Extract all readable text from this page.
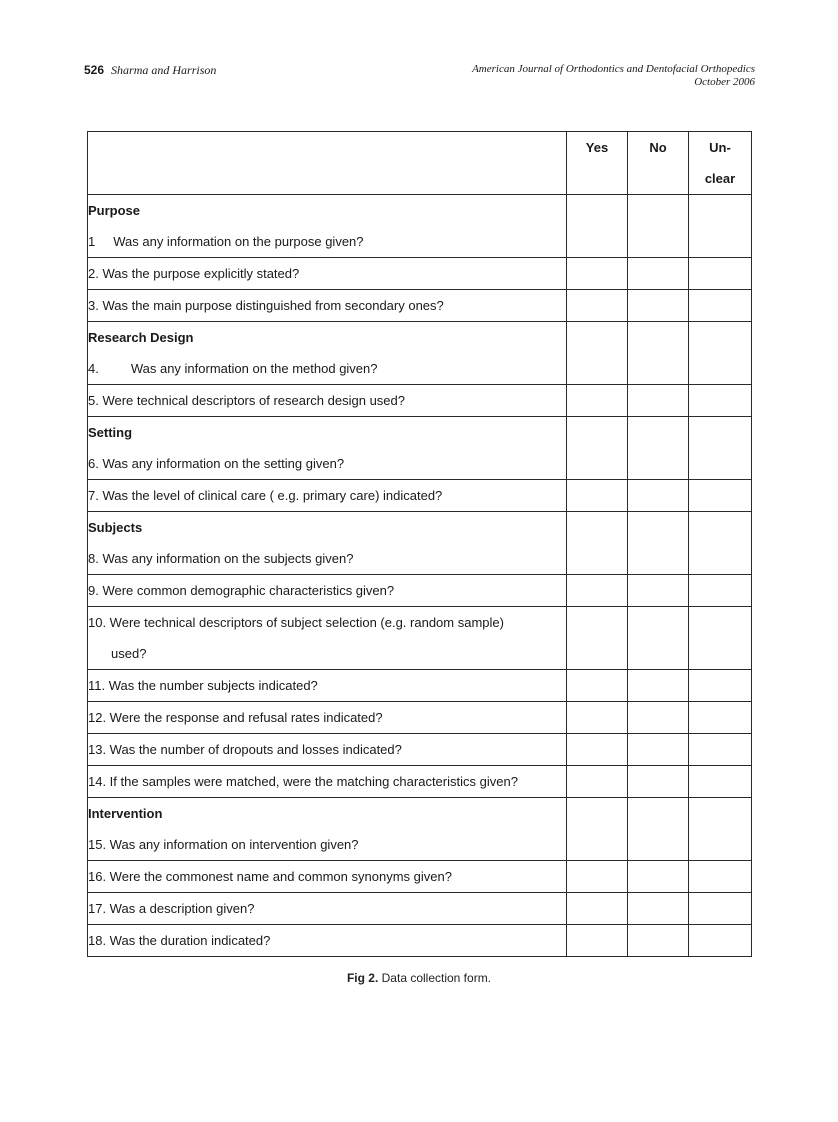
526 Sharma and Harrison	American Journal of Orthodontics and Dentofacial Orthopedics
October 2006

	Yes	No	Un-
clear

Purpose
1 Was any information on the purpose given?			

2. Was the purpose explicitly stated?			

3. Was the main purpose distinguished from secondary ones?			

Research Design
4. Was any information on the method given?			

5. Were technical descriptors of research design used?			

Setting
6. Was any information on the setting given?			

7. Was the level of clinical care ( e.g. primary care) indicated?			

Subjects
8. Was any information on the subjects given?			

9. Were common demographic characteristics given?			

10. Were technical descriptors of subject selection (e.g. random sample)
used?			

11. Was the number subjects indicated?			

12. Were the response and refusal rates indicated?			

13. Was the number of dropouts and losses indicated?			

14. If the samples were matched, were the matching characteristics given?			

Intervention
15. Was any information on intervention given?			

16. Were the commonest name and common synonyms given?			

17. Was a description given?			

18. Was the duration indicated?			

Fig 2. Data collection form.
